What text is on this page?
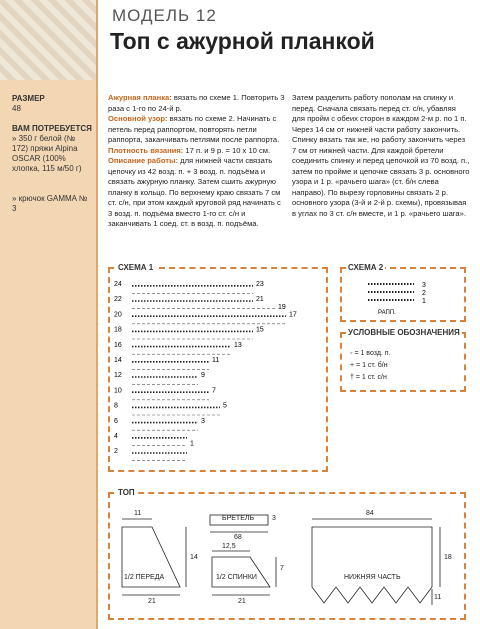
РАЗМЕР
48
ВАМ ПОТРЕБУЕТСЯ
» 350 г белой (№ 172) пряжи Alpina OSCAR (100% хлопка, 115 м/50 г)
» крючок GAMMA № 3
МОДЕЛЬ 12
Топ с ажурной планкой
Ажурная планка: вязать по схеме 1. Повторить 3 раза с 1-го по 24-й р.
Основной узор: вязать по схеме 2. Начинать с петель перед раппортом, повторять петли раппорта, заканчивать петлями после раппорта.
Плотность вязания: 17 п. и 9 р. = 10 х 10 см.
Описание работы: для нижней части связать цепочку из 42 возд. п. + 3 возд. п. подъёма и связать ажурную планку. Затем сшить ажурную планку в кольцо. По верхнему краю связать 7 см ст. с/н, при этом каждый круговой ряд начинать с 3 возд. п. подъёма вместо 1-го ст. с/н и заканчивать 1 соед. ст. в возд. п. подъёма.
Затем разделить работу пополам на спинку и перед. Сначала связать перед ст. с/н, убавляя для пройм с обеих сторон в каждом 2-м р. по 1 п. Через 14 см от нижней части работу закончить. Спинку вязать так же, но работу закончить через 7 см от нижней части. Для каждой бретели соединить спинку и перед цепочкой из 70 возд. п., затем по пройме и цепочке связать 3 р. основного узора и 1 р. «рачьего шага» (ст. б/н слева направо). По вырезу горловины связать 2 р. основного узора (3-й и 2-й р. схемы), провязывая в углах по 3 ст. с/н вместе, и 1 р. «рачьего шага».
СХЕМА 1
24
22
20
18
16
14
12
10
8
6
4
2
23
21
19
17
15
13
11
9
7
5
3
1
СХЕМА 2
3
2
1
РАПП.
УСЛОВНЫЕ ОБОЗНАЧЕНИЯ
◦ = 1 возд. п.
+ = 1 ст. б/н
† = 1 ст. с/н
ТОП
11
14
21
1/2 ПЕРЕДА
БРЕТЕЛЬ	3
68
12,5
7
21
1/2 СПИНКИ
84
18
11
НИЖНЯЯ ЧАСТЬ
